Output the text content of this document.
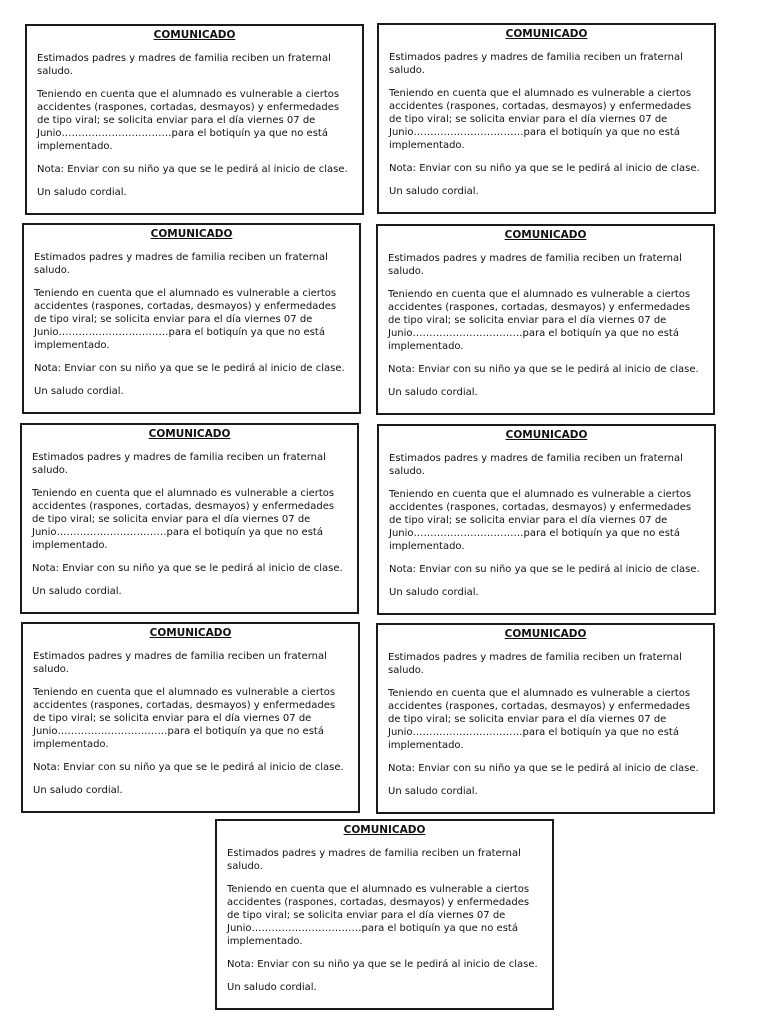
COMUNICADO

Estimados padres y madres de familia reciben un fraternal saludo.

Teniendo en cuenta que el alumnado es vulnerable a ciertos accidentes (raspones, cortadas, desmayos) y enfermedades de tipo viral; se solicita enviar para el día viernes 07 de Junio……………………………para el botiquín ya que no está implementado.

Nota: Enviar con su niño ya que se le pedirá al inicio de clase.

Un saludo cordial.

COMUNICADO

Estimados padres y madres de familia reciben un fraternal saludo.

Teniendo en cuenta que el alumnado es vulnerable a ciertos accidentes (raspones, cortadas, desmayos) y enfermedades de tipo viral; se solicita enviar para el día viernes 07 de Junio……………………………para el botiquín ya que no está implementado.

Nota: Enviar con su niño ya que se le pedirá al inicio de clase.

Un saludo cordial.

COMUNICADO

Estimados padres y madres de familia reciben un fraternal saludo.

Teniendo en cuenta que el alumnado es vulnerable a ciertos accidentes (raspones, cortadas, desmayos) y enfermedades de tipo viral; se solicita enviar para el día viernes 07 de Junio……………………………para el botiquín ya que no está implementado.

Nota: Enviar con su niño ya que se le pedirá al inicio de clase.

Un saludo cordial.

COMUNICADO

Estimados padres y madres de familia reciben un fraternal saludo.

Teniendo en cuenta que el alumnado es vulnerable a ciertos accidentes (raspones, cortadas, desmayos) y enfermedades de tipo viral; se solicita enviar para el día viernes 07 de Junio……………………………para el botiquín ya que no está implementado.

Nota: Enviar con su niño ya que se le pedirá al inicio de clase.

Un saludo cordial.

COMUNICADO

Estimados padres y madres de familia reciben un fraternal saludo.

Teniendo en cuenta que el alumnado es vulnerable a ciertos accidentes (raspones, cortadas, desmayos) y enfermedades de tipo viral; se solicita enviar para el día viernes 07 de Junio……………………………para el botiquín ya que no está implementado.

Nota: Enviar con su niño ya que se le pedirá al inicio de clase.

Un saludo cordial.

COMUNICADO

Estimados padres y madres de familia reciben un fraternal saludo.

Teniendo en cuenta que el alumnado es vulnerable a ciertos accidentes (raspones, cortadas, desmayos) y enfermedades de tipo viral; se solicita enviar para el día viernes 07 de Junio……………………………para el botiquín ya que no está implementado.

Nota: Enviar con su niño ya que se le pedirá al inicio de clase.

Un saludo cordial.

COMUNICADO

Estimados padres y madres de familia reciben un fraternal saludo.

Teniendo en cuenta que el alumnado es vulnerable a ciertos accidentes (raspones, cortadas, desmayos) y enfermedades de tipo viral; se solicita enviar para el día viernes 07 de Junio……………………………para el botiquín ya que no está implementado.

Nota: Enviar con su niño ya que se le pedirá al inicio de clase.

Un saludo cordial.

COMUNICADO

Estimados padres y madres de familia reciben un fraternal saludo.

Teniendo en cuenta que el alumnado es vulnerable a ciertos accidentes (raspones, cortadas, desmayos) y enfermedades de tipo viral; se solicita enviar para el día viernes 07 de Junio……………………………para el botiquín ya que no está implementado.

Nota: Enviar con su niño ya que se le pedirá al inicio de clase.

Un saludo cordial.

COMUNICADO

Estimados padres y madres de familia reciben un fraternal saludo.

Teniendo en cuenta que el alumnado es vulnerable a ciertos accidentes (raspones, cortadas, desmayos) y enfermedades de tipo viral; se solicita enviar para el día viernes 07 de Junio……………………………para el botiquín ya que no está implementado.

Nota: Enviar con su niño ya que se le pedirá al inicio de clase.

Un saludo cordial.
